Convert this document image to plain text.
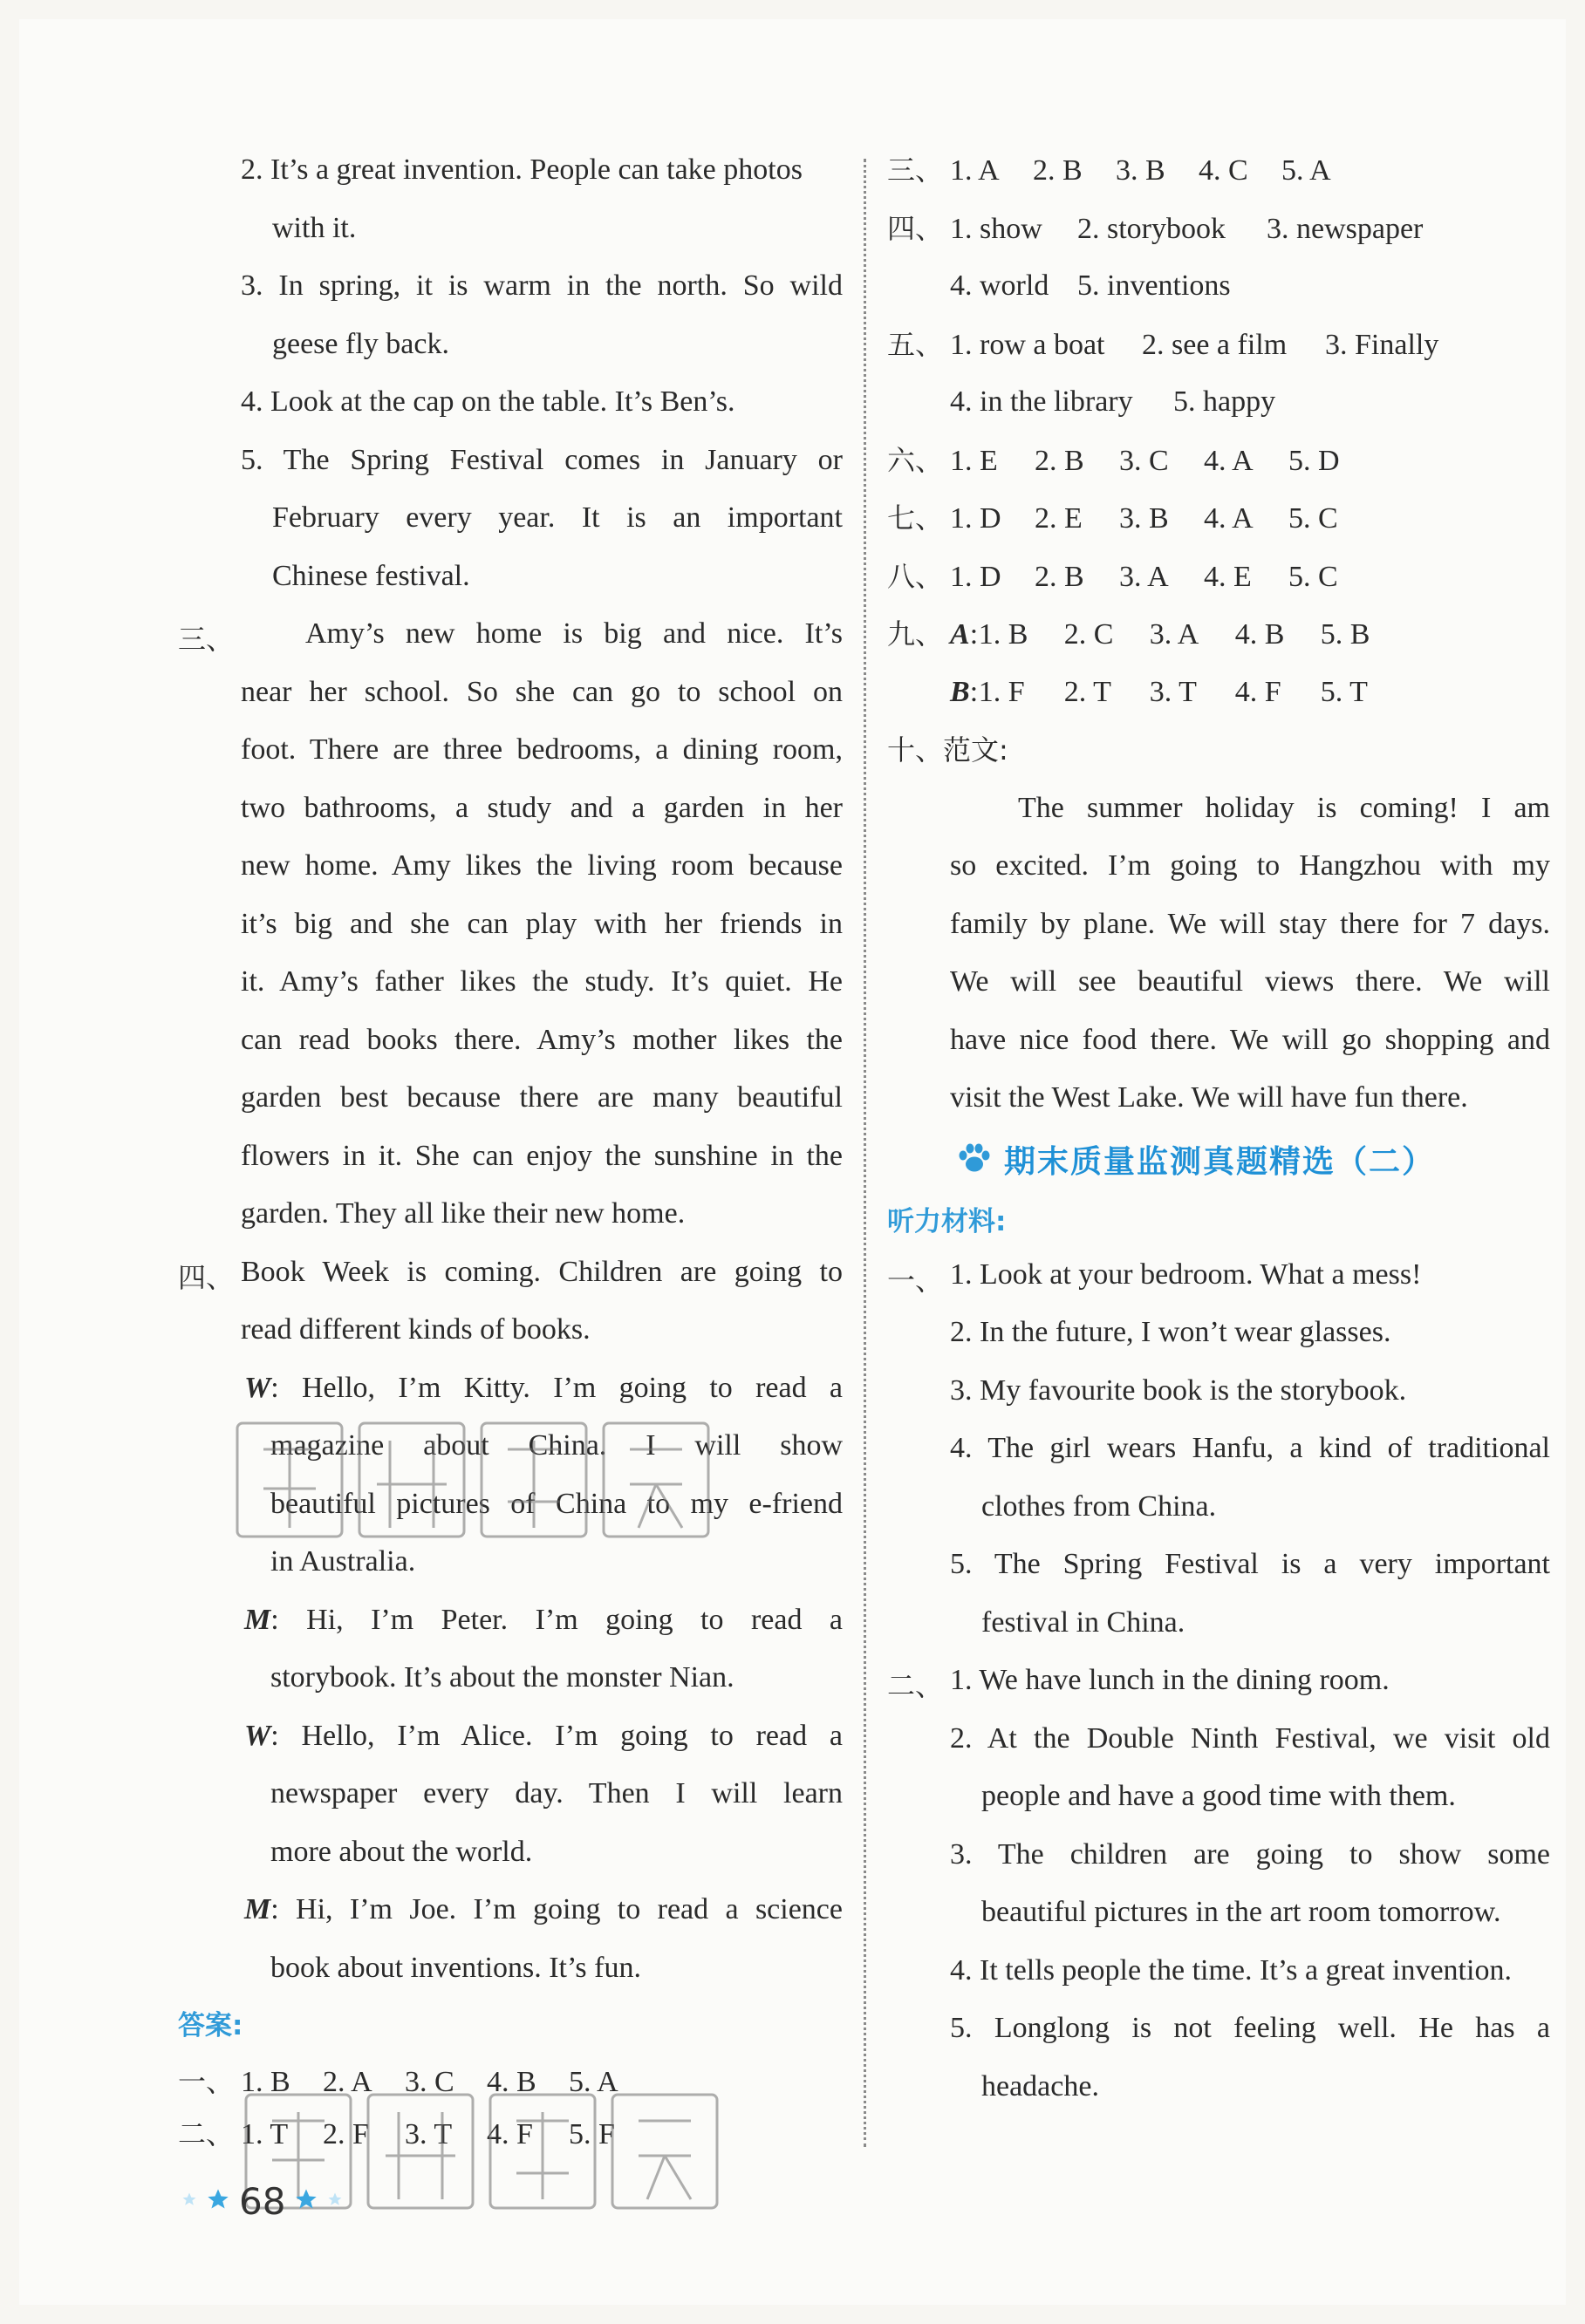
2. It’s a great invention. People can take photos
with it.
3. In spring, it is warm in the north. So wild
geese fly back.
4. Look at the cap on the table. It’s Ben’s.
5. The Spring Festival comes in January or
February every year. It is an important
Chinese festival.
三、	Amy’s new home is big and nice. It’s
near her school. So she can go to school on
foot. There are three bedrooms, a dining room,
two bathrooms, a study and a garden in her
new home. Amy likes the living room because
it’s big and she can play with her friends in
it. Amy’s father likes the study. It’s quiet. He
can read books there. Amy’s mother likes the
garden best because there are many beautiful
flowers in it. She can enjoy the sunshine in the
garden. They all like their new home.
四、 Book Week is coming. Children are going to
read different kinds of books.
W: Hello, I’m Kitty. I’m going to read a
magazine about China. I will show
beautiful pictures of China to my e-friend
in Australia.
M: Hi, I’m Peter. I’m going to read a
storybook. It’s about the monster Nian.
W: Hello, I’m Alice. I’m going to read a
newspaper every day. Then I will learn
more about the world.
M: Hi, I’m Joe. I’m going to read a science
book about inventions. It’s fun.
答案:
一、 1. B 2. A 3. C 4. B 5. A
二、 1. T 2. F 3. T 4. F 5. F
三、 1. A 2. B 3. B 4. C 5. A
四、 1. show 2. storybook 3. newspaper
4. world 5. inventions
五、 1. row a boat 2. see a film 3. Finally
4. in the library 5. happy
六、 1. E 2. B 3. C 4. A 5. D
七、 1. D 2. E 3. B 4. A 5. C
八、 1. D 2. B 3. A 4. E 5. C
九、 A:1. B 2. C 3. A 4. B 5. B
B:1. F 2. T 3. T 4. F 5. T
十、范文:
The summer holiday is coming! I am
so excited. I’m going to Hangzhou with my
family by plane. We will stay there for 7 days.
We will see beautiful views there. We will
have nice food there. We will go shopping and
visit the West Lake. We will have fun there.
期末质量监测真题精选（二）
听力材料:
一、 1. Look at your bedroom. What a mess!
2. In the future, I won’t wear glasses.
3. My favourite book is the storybook.
4. The girl wears Hanfu, a kind of traditional
clothes from China.
5. The Spring Festival is a very important
festival in China.
二、 1. We have lunch in the dining room.
2. At the Double Ninth Festival, we visit old
people and have a good time with them.
3. The children are going to show some
beautiful pictures in the art room tomorrow.
4. It tells people the time. It’s a great invention.
5. Longlong is not feeling well. He has a
headache.
68
